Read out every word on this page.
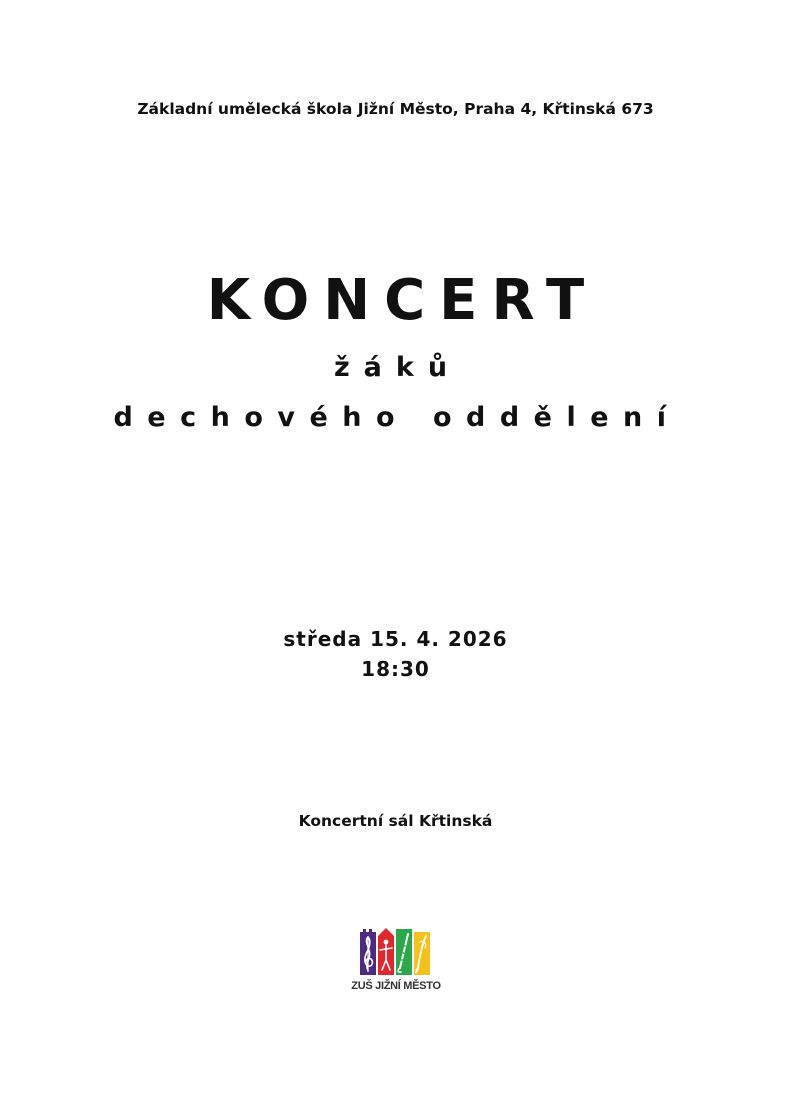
Základní umělecká škola Jižní Město, Praha 4, Křtinská 673
KONCERT
žáků
dechového oddělení
středa 15. 4. 2026
18:30
Koncertní sál Křtinská
ZUŠ JIŽNÍ MĚSTO
